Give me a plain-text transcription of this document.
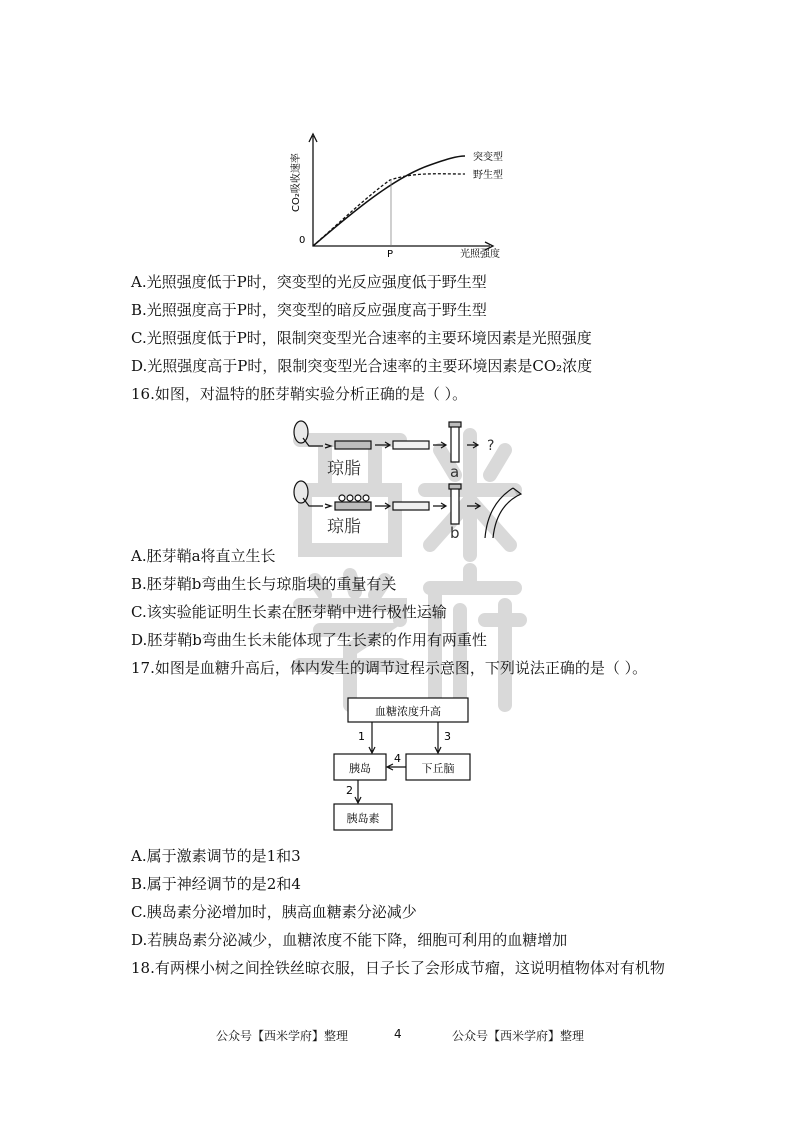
CO₂吸收速率
0
P	光照强度
突变型
野生型
A.光照强度低于P时，突变型的光反应强度低于野生型
B.光照强度高于P时，突变型的暗反应强度高于野生型
C.光照强度低于P时，限制突变型光合速率的主要环境因素是光照强度
D.光照强度高于P时，限制突变型光合速率的主要环境因素是CO₂浓度
16.如图，对温特的胚芽鞘实验分析正确的是（ ）。
琼脂
琼脂
a
b
?
A.胚芽鞘a将直立生长
B.胚芽鞘b弯曲生长与琼脂块的重量有关
C.该实验能证明生长素在胚芽鞘中进行极性运输
D.胚芽鞘b弯曲生长未能体现了生长素的作用有两重性
17.如图是血糖升高后，体内发生的调节过程示意图，下列说法正确的是（ ）。
血糖浓度升高
胰岛	下丘脑
胰岛素
1	3
4
2
A.属于激素调节的是1和3
B.属于神经调节的是2和4
C.胰岛素分泌增加时，胰高血糖素分泌减少
D.若胰岛素分泌减少，血糖浓度不能下降，细胞可利用的血糖增加
18.有两棵小树之间拴铁丝晾衣服，日子长了会形成节瘤，这说明植物体对有机物
公众号【西米学府】整理	4	公众号【西米学府】整理
